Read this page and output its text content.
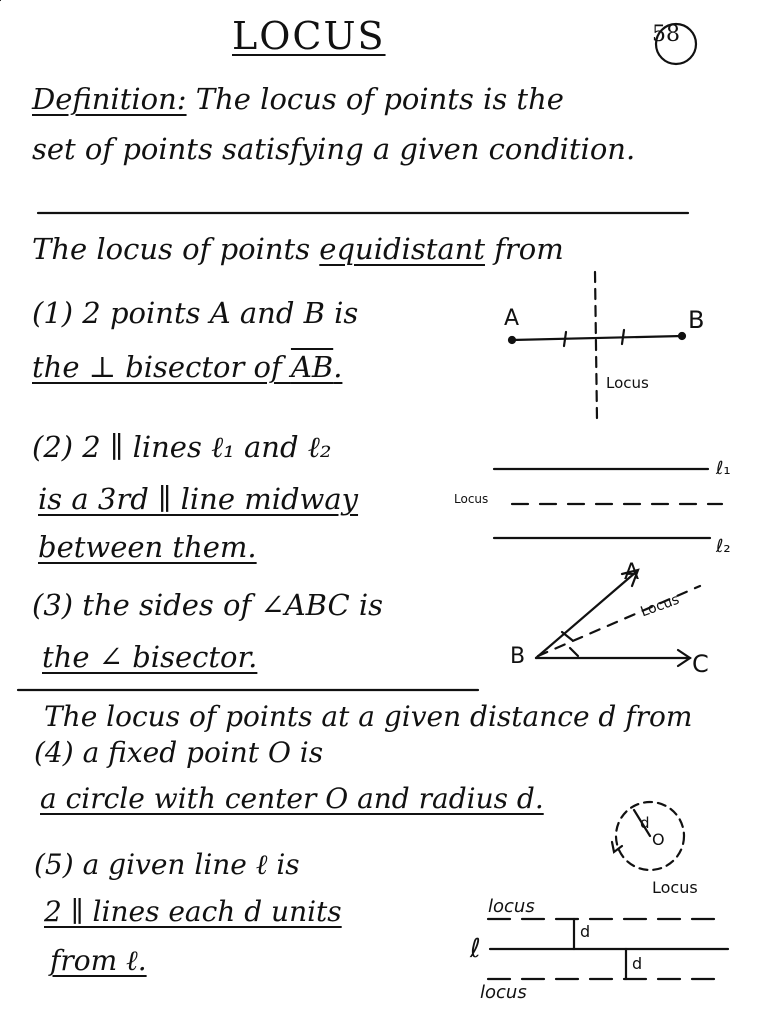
LOCUS	58
Definition: The locus of points is the
set of points satisfying a given condition.
The locus of points equidistant from
(1) 2 points A and B is
the ⊥ bisector of AB.
(2) 2 ∥ lines ℓ₁ and ℓ₂
is a 3rd ∥ line midway
between them.
(3) the sides of ∠ABC is
the ∠ bisector.
The locus of points at a given distance d from
(4) a fixed point O is
a circle with center O and radius d.
(5) a given line ℓ is
2 ∥ lines each d units
from ℓ.
A	B
Locus
ℓ₁
Locus
ℓ₂
A
B	C
Locus
d
O
Locus
locus
ℓ
d
d
locus
